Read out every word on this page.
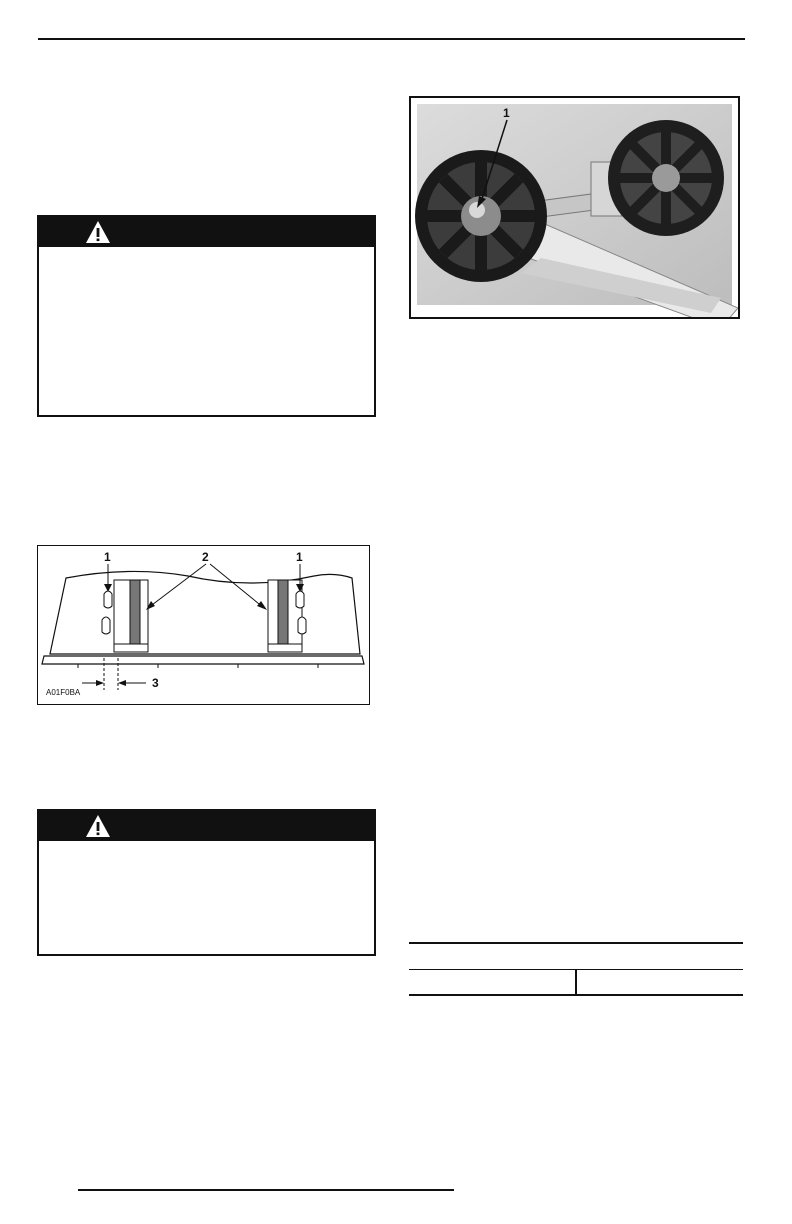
1	2	1
3
A01F0BA
1
